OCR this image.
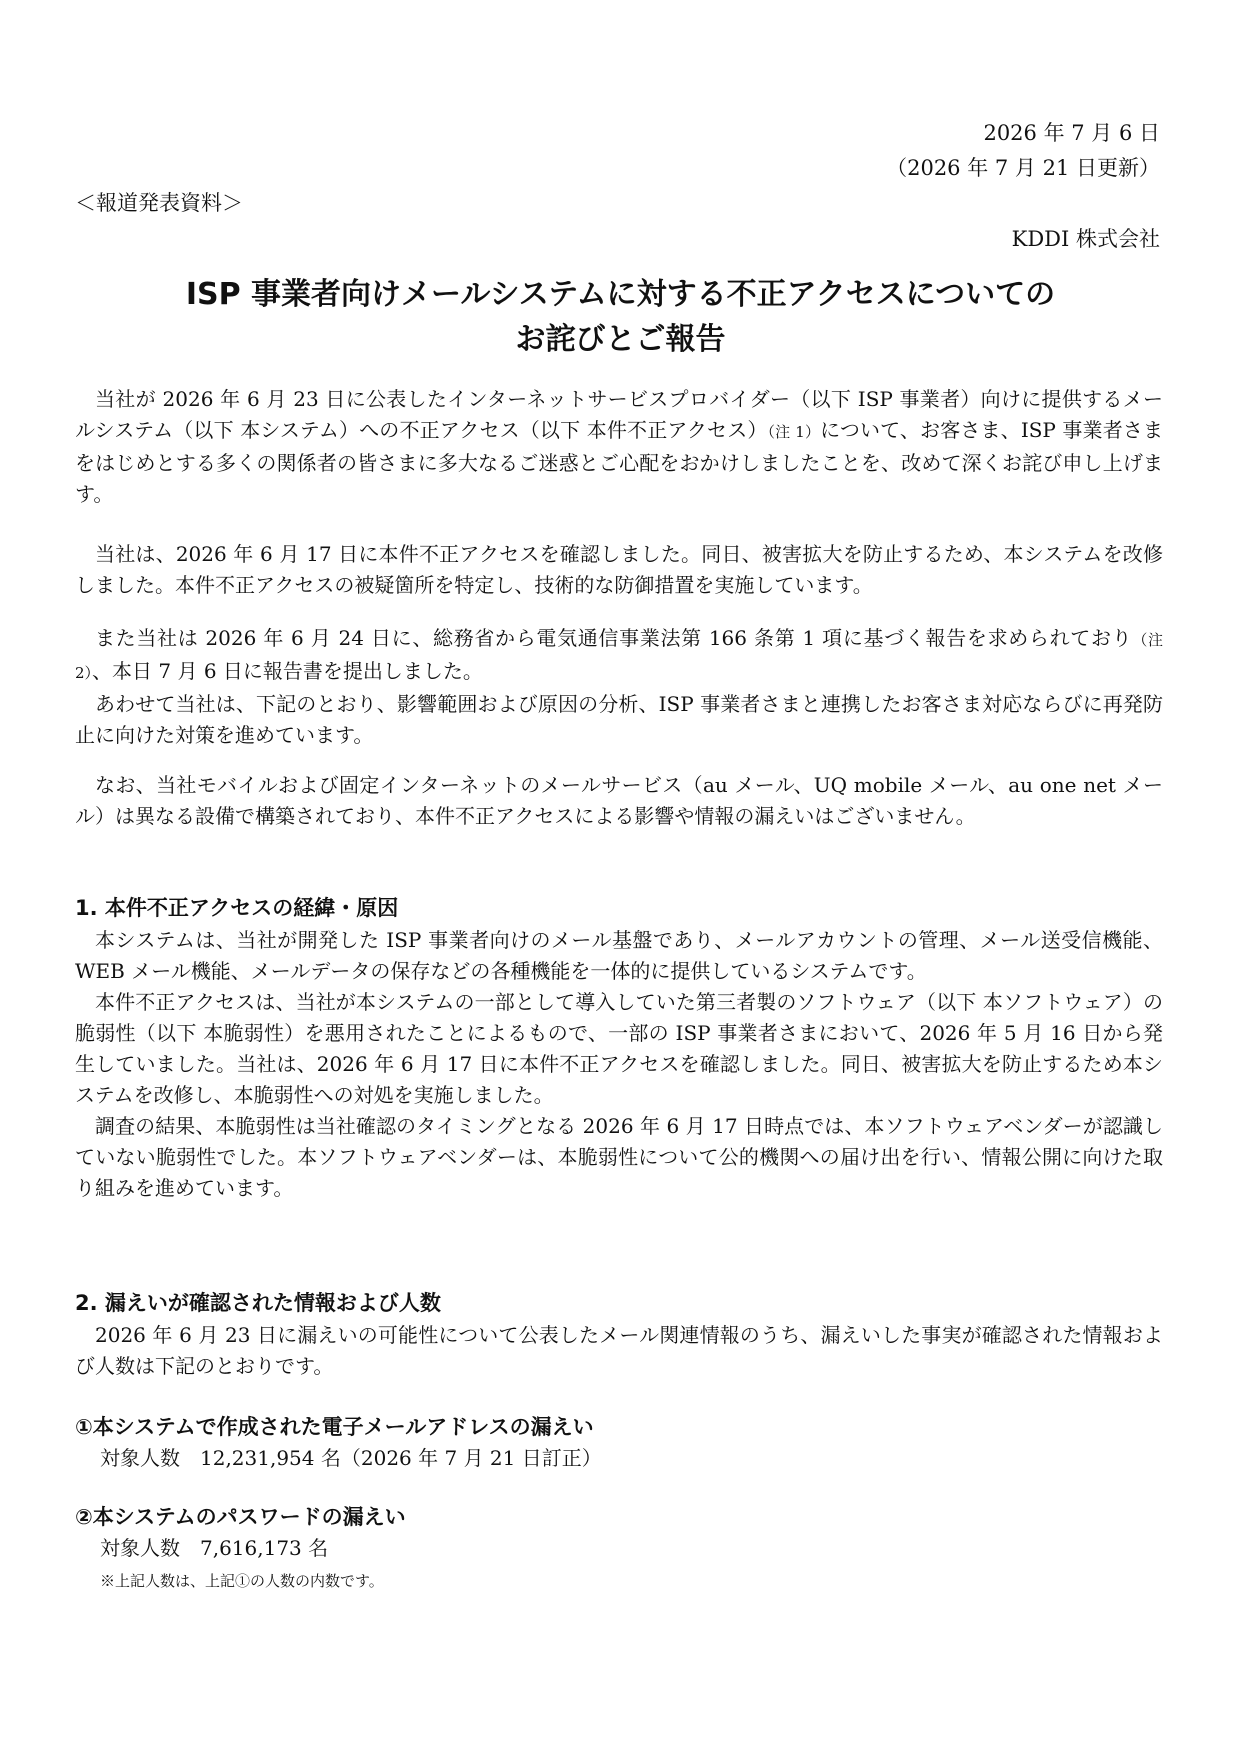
2026 年 7 月 6 日
（2026 年 7 月 21 日更新）
＜報道発表資料＞
KDDI 株式会社
ISP 事業者向けメールシステムに対する不正アクセスについての
お詫びとご報告

当社が 2026 年 6 月 23 日に公表したインターネットサービスプロバイダー（以下 ISP 事業者）向けに提供するメールシステム（以下 本システム）への不正アクセス（以下 本件不正アクセス）（注 1）について、お客さま、ISP 事業者さまをはじめとする多くの関係者の皆さまに多大なるご迷惑とご心配をおかけしましたことを、改めて深くお詫び申し上げます。

当社は、2026 年 6 月 17 日に本件不正アクセスを確認しました。同日、被害拡大を防止するため、本システムを改修しました。本件不正アクセスの被疑箇所を特定し、技術的な防御措置を実施しています。

また当社は 2026 年 6 月 24 日に、総務省から電気通信事業法第 166 条第 1 項に基づく報告を求められており（注 2）、本日 7 月 6 日に報告書を提出しました。

あわせて当社は、下記のとおり、影響範囲および原因の分析、ISP 事業者さまと連携したお客さま対応ならびに再発防止に向けた対策を進めています。

なお、当社モバイルおよび固定インターネットのメールサービス（au メール、UQ mobile メール、au one net メール）は異なる設備で構築されており、本件不正アクセスによる影響や情報の漏えいはございません。

1. 本件不正アクセスの経緯・原因

本システムは、当社が開発した ISP 事業者向けのメール基盤であり、メールアカウントの管理、メール送受信機能、WEB メール機能、メールデータの保存などの各種機能を一体的に提供しているシステムです。

本件不正アクセスは、当社が本システムの一部として導入していた第三者製のソフトウェア（以下 本ソフトウェア）の脆弱性（以下 本脆弱性）を悪用されたことによるもので、一部の ISP 事業者さまにおいて、2026 年 5 月 16 日から発生していました。当社は、2026 年 6 月 17 日に本件不正アクセスを確認しました。同日、被害拡大を防止するため本システムを改修し、本脆弱性への対処を実施しました。

調査の結果、本脆弱性は当社確認のタイミングとなる 2026 年 6 月 17 日時点では、本ソフトウェアベンダーが認識していない脆弱性でした。本ソフトウェアベンダーは、本脆弱性について公的機関への届け出を行い、情報公開に向けた取り組みを進めています。

2. 漏えいが確認された情報および人数

2026 年 6 月 23 日に漏えいの可能性について公表したメール関連情報のうち、漏えいした事実が確認された情報および人数は下記のとおりです。

①本システムで作成された電子メールアドレスの漏えい
対象人数　12,231,954 名（2026 年 7 月 21 日訂正）
②本システムのパスワードの漏えい
対象人数　7,616,173 名
※上記人数は、上記①の人数の内数です。
